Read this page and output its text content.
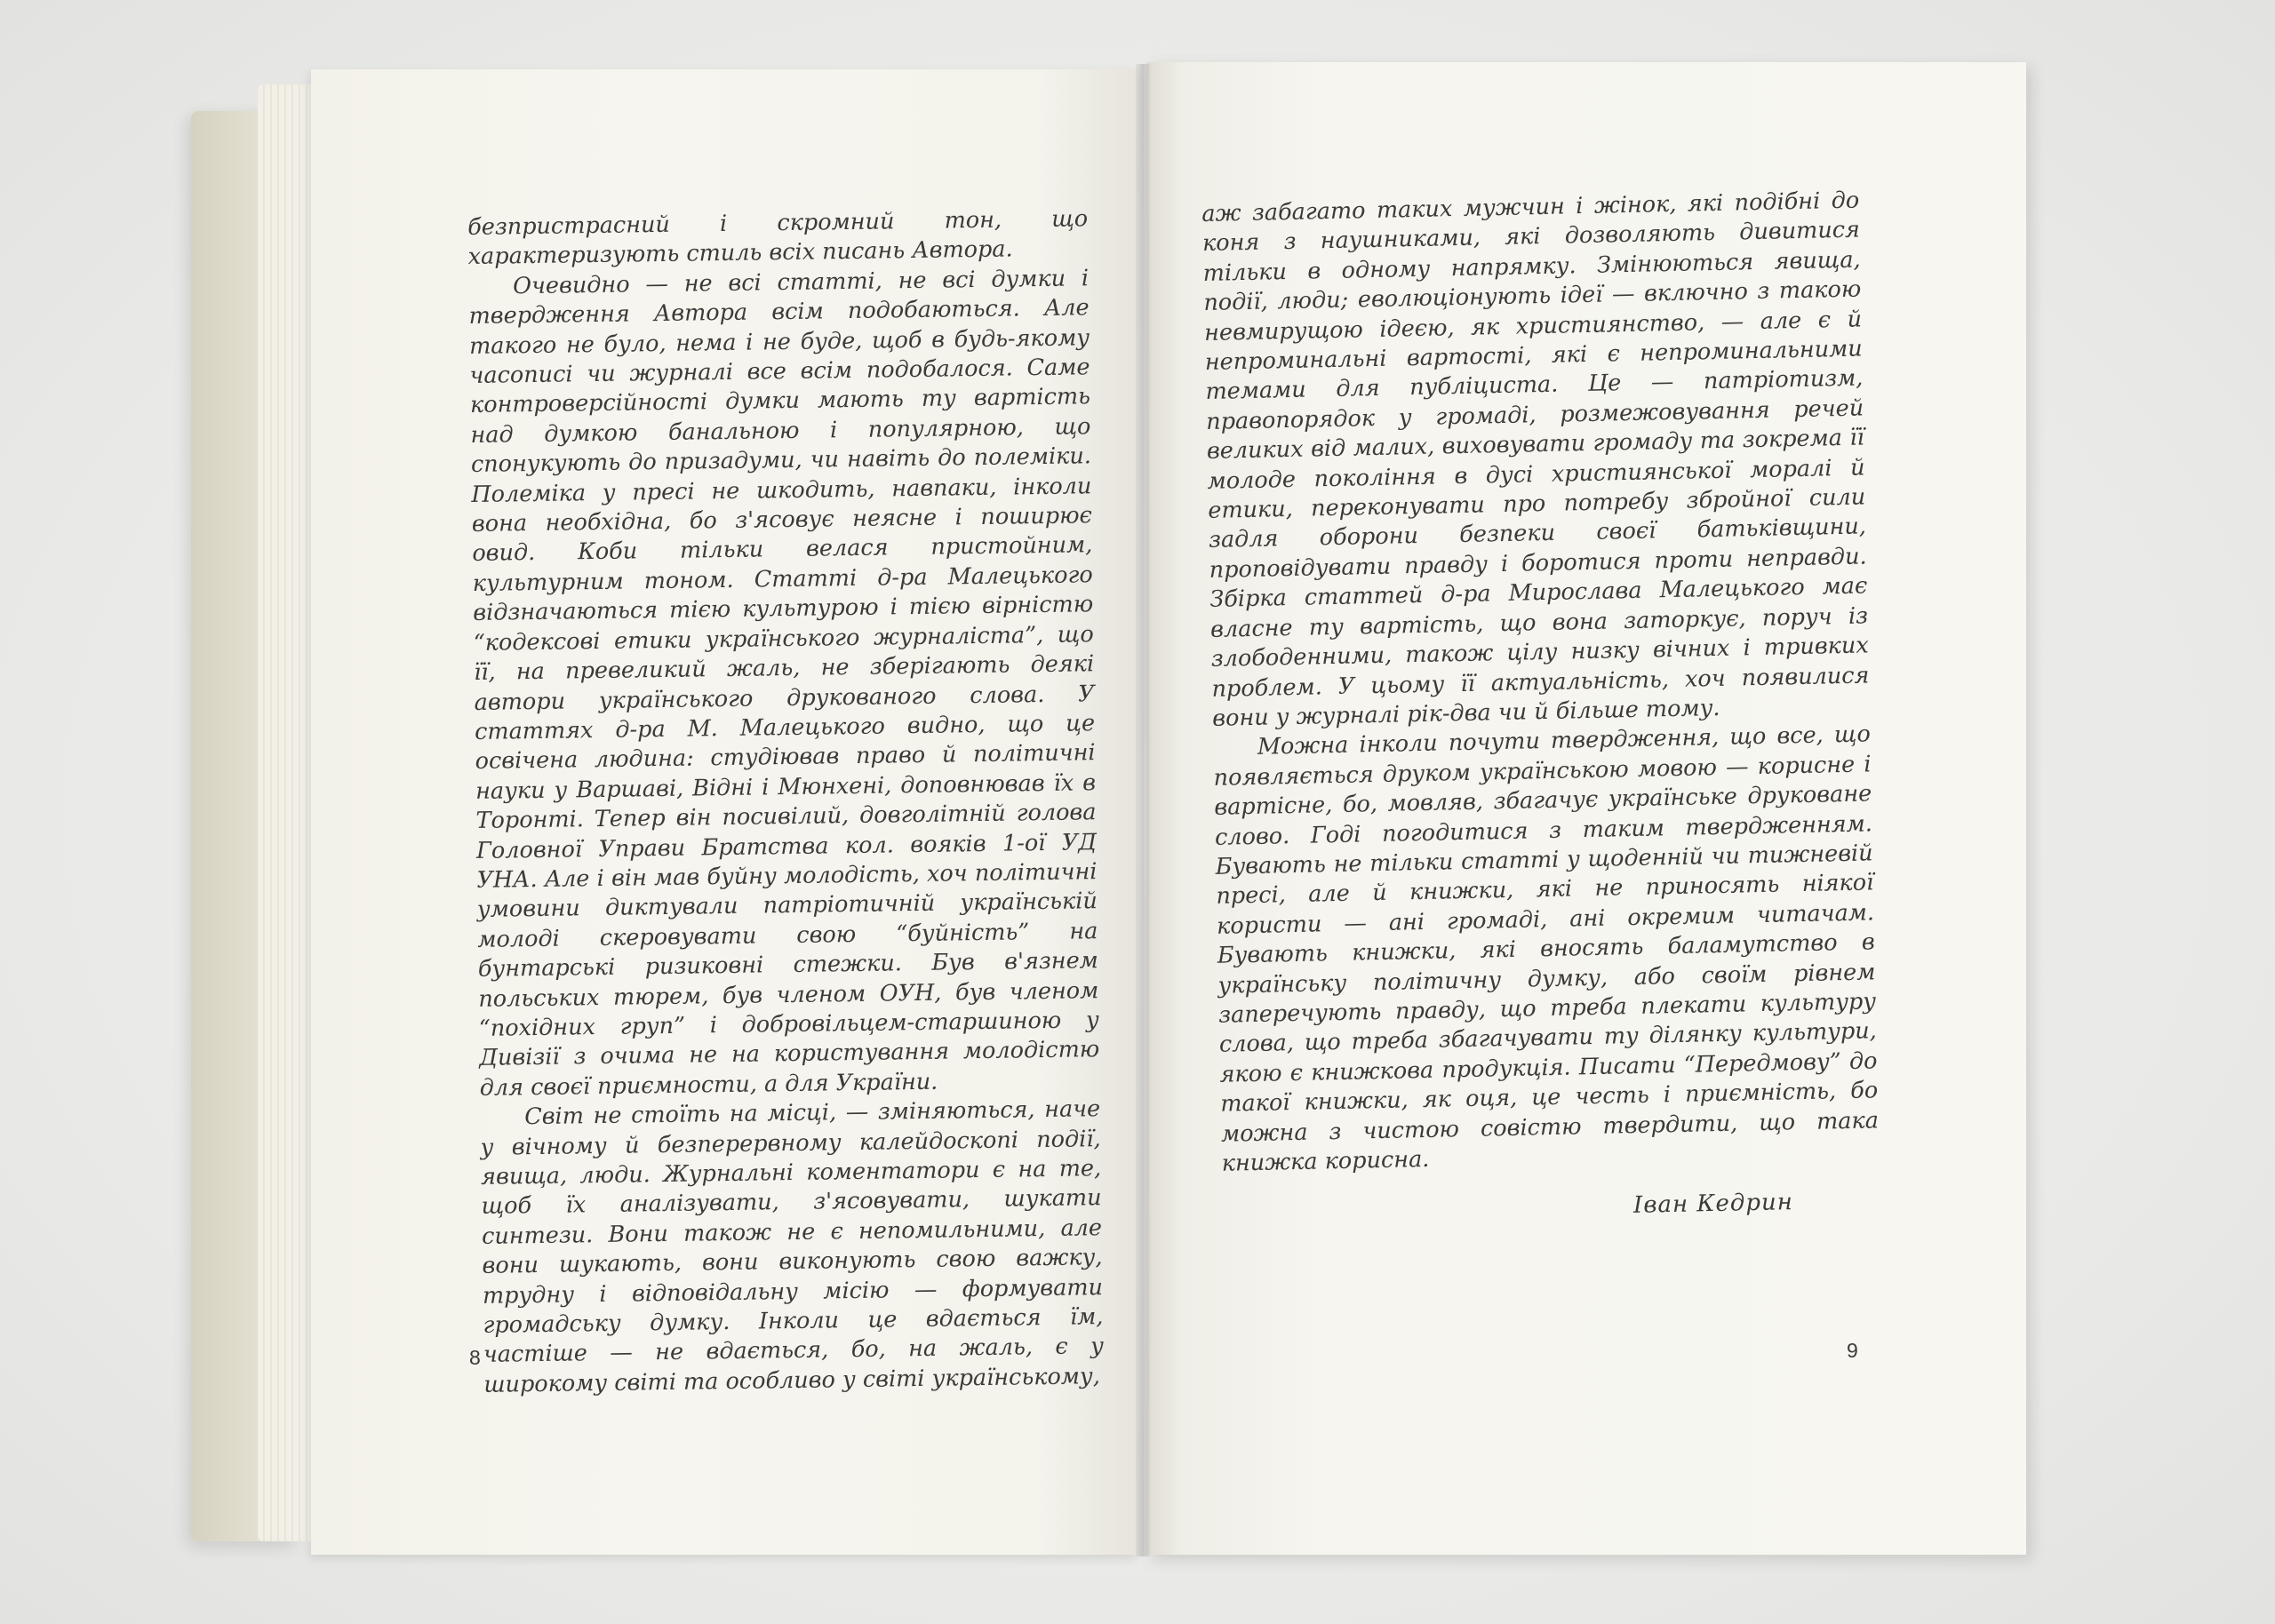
безпристрасний і скромний тон, що характеризують стиль всіх писань Автора.

Очевидно — не всі статті, не всі думки і твердження Автора всім подобаються. Але такого не було, нема і не буде, щоб в будь-якому часописі чи журналі все всім подобалося. Саме контроверсійності думки мають ту вартість над думкою банальною і популярною, що спонукують до призадуми, чи навіть до полеміки. Полеміка у пресі не шкодить, навпаки, інколи вона необхідна, бо з'ясовує неясне і поширює овид. Коби тільки велася пристойним, культурним тоном. Статті д-ра Малецького відзначаються тією культурою і тією вірністю “кодексові етики українського журналіста”, що її, на превеликий жаль, не зберігають деякі автори українського друкованого слова. У статтях д-ра М. Малецького видно, що це освічена людина: студіював право й політичні науки у Варшаві, Відні і Мюнхені, доповнював їх в Торонті. Тепер він посивілий, довголітній голова Головної Управи Братства кол. вояків 1-ої УД УНА. Але і він мав буйну молодість, хоч політичні умовини диктували патріотичній українській молоді скеровувати свою “буйність” на бунтарські ризиковні стежки. Був в'язнем польських тюрем, був членом ОУН, був членом “похідних груп” і добровільцем-старшиною у Дивізії з очима не на користування молодістю для своєї приємности, а для України.

Світ не стоїть на місці, — зміняються, наче у вічному й безперервному калейдоскопі події, явища, люди. Журнальні коментатори є на те, щоб їх аналізувати, з'ясовувати, шукати синтези. Вони також не є непомильними, але вони шукають, вони виконують свою важку, трудну і відповідальну місію — формувати громадську думку. Інколи це вдається їм, частіше — не вдається, бо, на жаль, є у широкому світі та особливо у світі українському,

8

аж забагато таких мужчин і жінок, які подібні до коня з наушниками, які дозволяють дивитися тільки в одному напрямку. Змінюються явища, події, люди; еволюціонують ідеї — включно з такою невмирущою ідеєю, як християнство, — але є й непроминальні вартості, які є непроминальними темами для публіциста. Це — патріотизм, правопорядок у громаді, розмежовування речей великих від малих, виховувати громаду та зокрема її молоде покоління в дусі християнської моралі й етики, переконувати про потребу збройної сили задля оборони безпеки своєї батьківщини, проповідувати правду і боротися проти неправди. Збірка статтей д-ра Мирослава Малецького має власне ту вартість, що вона заторкує, поруч із злободенними, також цілу низку вічних і тривких проблем. У цьому її актуальність, хоч появилися вони у журналі рік-два чи й більше тому.

Можна інколи почути твердження, що все, що появляється друком українською мовою — корисне і вартісне, бо, мовляв, збагачує українське друковане слово. Годі погодитися з таким твердженням. Бувають не тільки статті у щоденній чи тижневій пресі, але й книжки, які не приносять ніякої користи — ані громаді, ані окремим читачам. Бувають книжки, які вносять баламутство в українську політичну думку, або своїм рівнем заперечують правду, що треба плекати культуру слова, що треба збагачувати ту ділянку культури, якою є книжкова продукція. Писати “Передмову” до такої книжки, як оця, це честь і приємність, бо можна з чистою совістю твердити, що така книжка корисна.

Іван Кедрин
9
